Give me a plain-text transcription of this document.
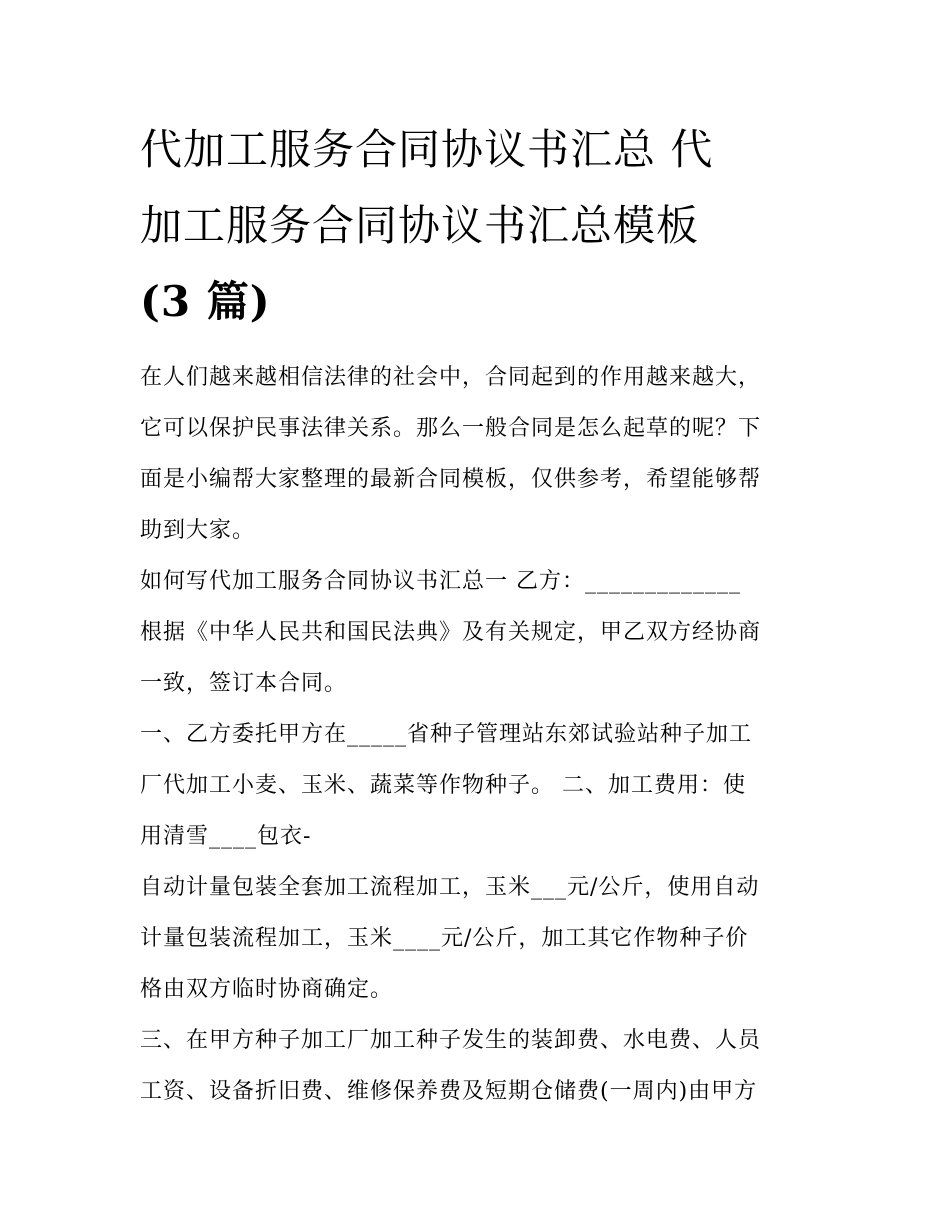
代加工服务合同协议书汇总 代
加工服务合同协议书汇总模板
(3 篇)

在人们越来越相信法律的社会中，合同起到的作用越来越大，
它可以保护民事法律关系。那么一般合同是怎么起草的呢？下
面是小编帮大家整理的最新合同模板，仅供参考，希望能够帮
助到大家。

如何写代加工服务合同协议书汇总一 乙方：_____________
根据《中华人民共和国民法典》及有关规定，甲乙双方经协商
一致，签订本合同。

一、乙方委托甲方在_____省种子管理站东郊试验站种子加工
厂代加工小麦、玉米、蔬菜等作物种子。 二、加工费用：使
用清雪____包衣-

自动计量包装全套加工流程加工，玉米___元/公斤，使用自动
计量包装流程加工，玉米____元/公斤，加工其它作物种子价
格由双方临时协商确定。

三、在甲方种子加工厂加工种子发生的装卸费、水电费、人员
工资、设备折旧费、维修保养费及短期仓储费(一周内)由甲方
